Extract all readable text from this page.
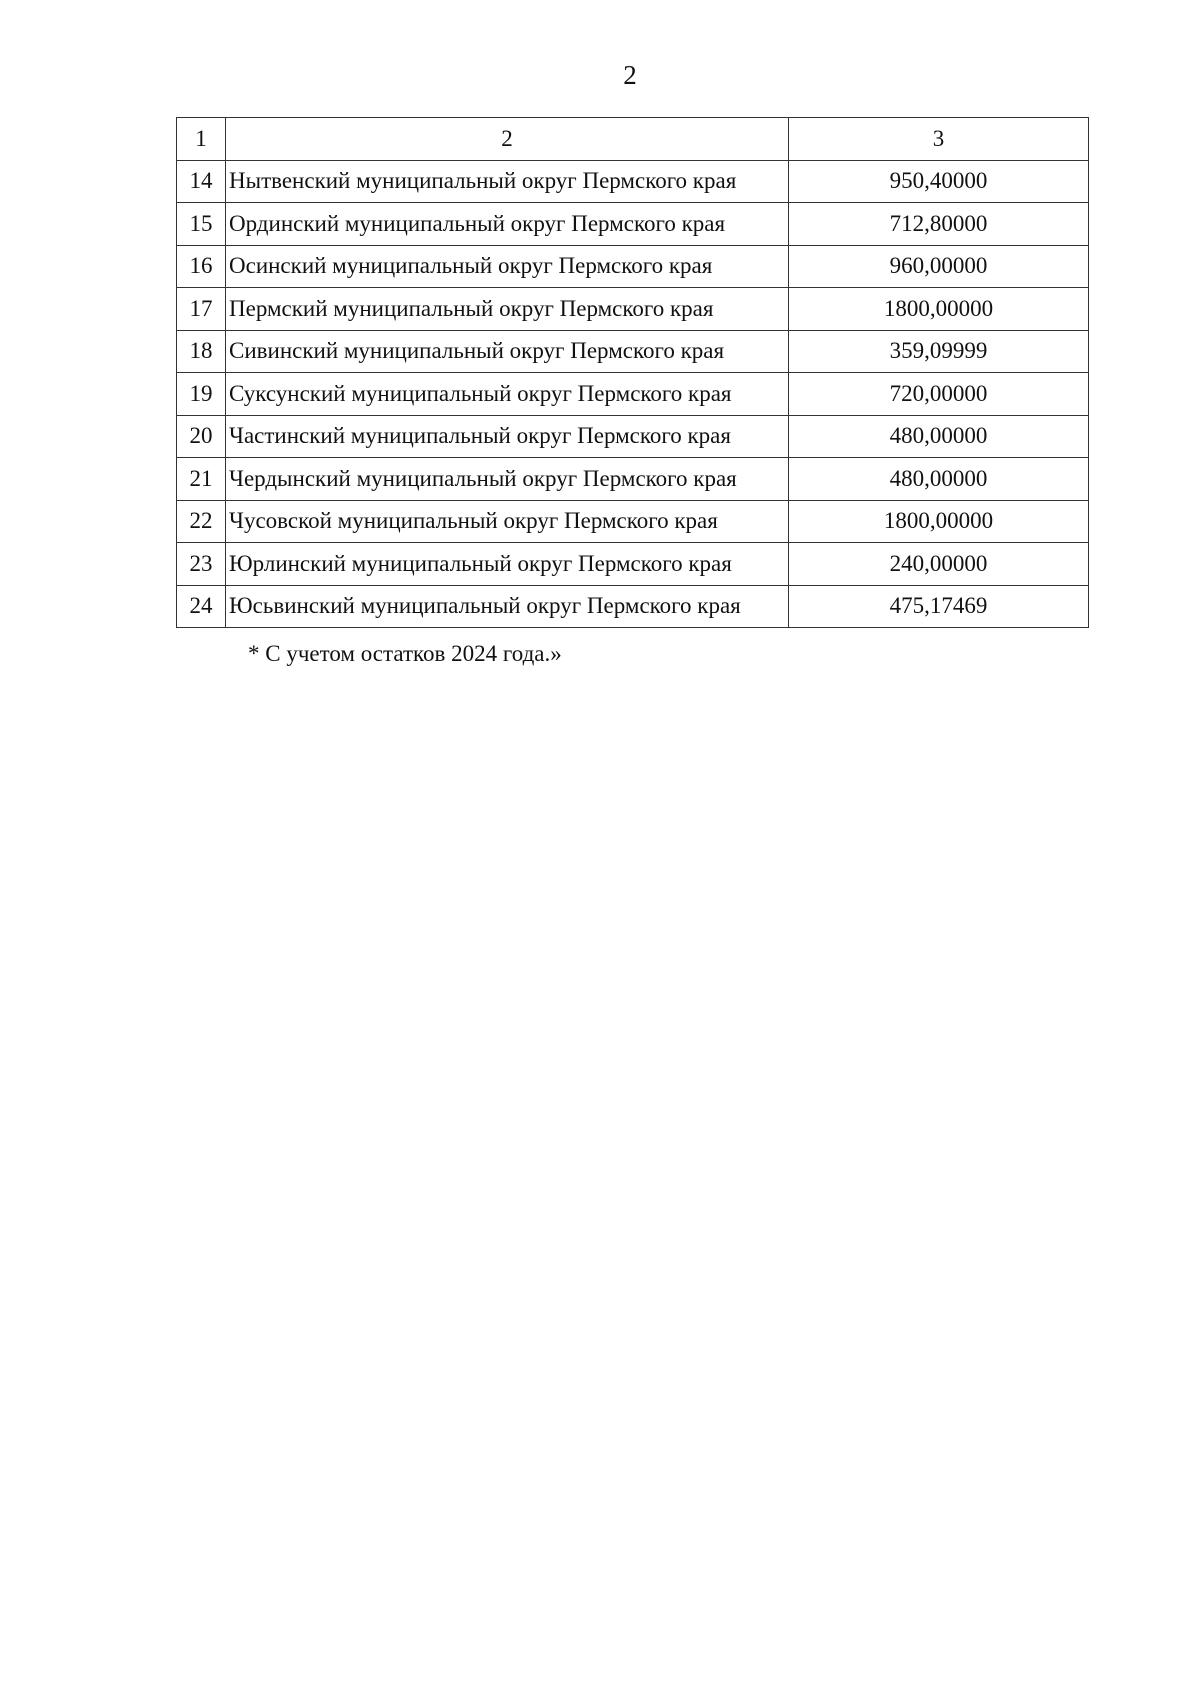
2
1	2	3
14	Нытвенский муниципальный округ Пермского края	950,40000
15	Ординский муниципальный округ Пермского края	712,80000
16	Осинский муниципальный округ Пермского края	960,00000
17	Пермский муниципальный округ Пермского края	1800,00000
18	Сивинский муниципальный округ Пермского края	359,09999
19	Суксунский муниципальный округ Пермского края	720,00000
20	Частинский муниципальный округ Пермского края	480,00000
21	Чердынский муниципальный округ Пермского края	480,00000
22	Чусовской муниципальный округ Пермского края	1800,00000
23	Юрлинский муниципальный округ Пермского края	240,00000
24	Юсьвинский муниципальный округ Пермского края	475,17469
* С учетом остатков 2024 года.»
